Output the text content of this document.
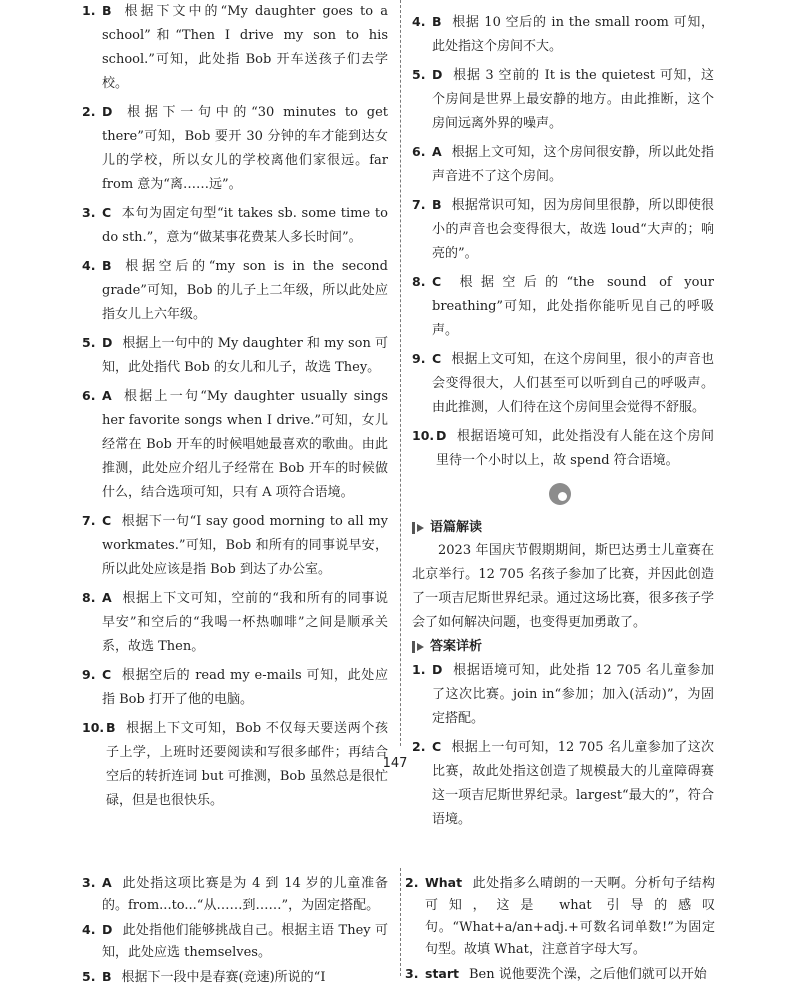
1. B 根据下文中的“My daughter goes to a school”和“Then I drive my son to his school.”可知，此处指 Bob 开车送孩子们去学校。
2. D 根据下一句中的“30 minutes to get there”可知，Bob 要开 30 分钟的车才能到达女儿的学校，所以女儿的学校离他们家很远。far from 意为“离……远”。
3. C 本句为固定句型“it takes sb. some time to do sth.”，意为“做某事花费某人多长时间”。
4. B 根据空后的“my son is in the second grade”可知，Bob 的儿子上二年级，所以此处应指女儿上六年级。
5. D 根据上一句中的 My daughter 和 my son 可知，此处指代 Bob 的女儿和儿子，故选 They。
6. A 根据上一句“My daughter usually sings her favorite songs when I drive.”可知，女儿经常在 Bob 开车的时候唱她最喜欢的歌曲。由此推测，此处应介绍儿子经常在 Bob 开车的时候做什么，结合选项可知，只有 A 项符合语境。
7. C 根据下一句“I say good morning to all my workmates.”可知，Bob 和所有的同事说早安，所以此处应该是指 Bob 到达了办公室。
8. A 根据上下文可知，空前的“我和所有的同事说早安”和空后的“我喝一杯热咖啡”之间是顺承关系，故选 Then。
9. C 根据空后的 read my e-mails 可知，此处应指 Bob 打开了他的电脑。
10. B 根据上下文可知，Bob 不仅每天要送两个孩子上学，上班时还要阅读和写很多邮件；再结合空后的转折连词 but 可推测，Bob 虽然总是很忙碌，但是也很快乐。
4. B 根据 10 空后的 in the small room 可知，此处指这个房间不大。
5. D 根据 3 空前的 It is the quietest 可知，这个房间是世界上最安静的地方。由此推断，这个房间远离外界的噪声。
6. A 根据上文可知，这个房间很安静，所以此处指声音进不了这个房间。
7. B 根据常识可知，因为房间里很静，所以即使很小的声音也会变得很大，故选 loud“大声的；响亮的”。
8. C 根据空后的“the sound of your breathing”可知，此处指你能听见自己的呼吸声。
9. C 根据上文可知，在这个房间里，很小的声音也会变得很大，人们甚至可以听到自己的呼吸声。由此推测，人们待在这个房间里会觉得不舒服。
10. D 根据语境可知，此处指没有人能在这个房间里待一个小时以上，故 spend 符合语境。
语篇解读

2023 年国庆节假期期间，斯巴达勇士儿童赛在北京举行。12 705 名孩子参加了比赛，并因此创造了一项吉尼斯世界纪录。通过这场比赛，很多孩子学会了如何解决问题，也变得更加勇敢了。

答案详析
1. D 根据语境可知，此处指 12 705 名儿童参加了这次比赛。join in“参加；加入(活动)”，为固定搭配。
2. C 根据上一句可知，12 705 名儿童参加了这次比赛，故此处指这创造了规模最大的儿童障碍赛这一项吉尼斯世界纪录。largest“最大的”，符合语境。
147
3. A 此处指这项比赛是为 4 到 14 岁的儿童准备的。from...to...“从……到……”，为固定搭配。
4. D 此处指他们能够挑战自己。根据主语 They 可知，此处应选 themselves。
5. B 根据下一段中是春赛(竞速)所说的“I
2. What 此处指多么晴朗的一天啊。分析句子结构可知，这是 what 引导的感叹句。“What+a/an+adj.+可数名词单数!”为固定句型。故填 What，注意首字母大写。
3. start Ben 说他要洗个澡，之后他们就可以开始
